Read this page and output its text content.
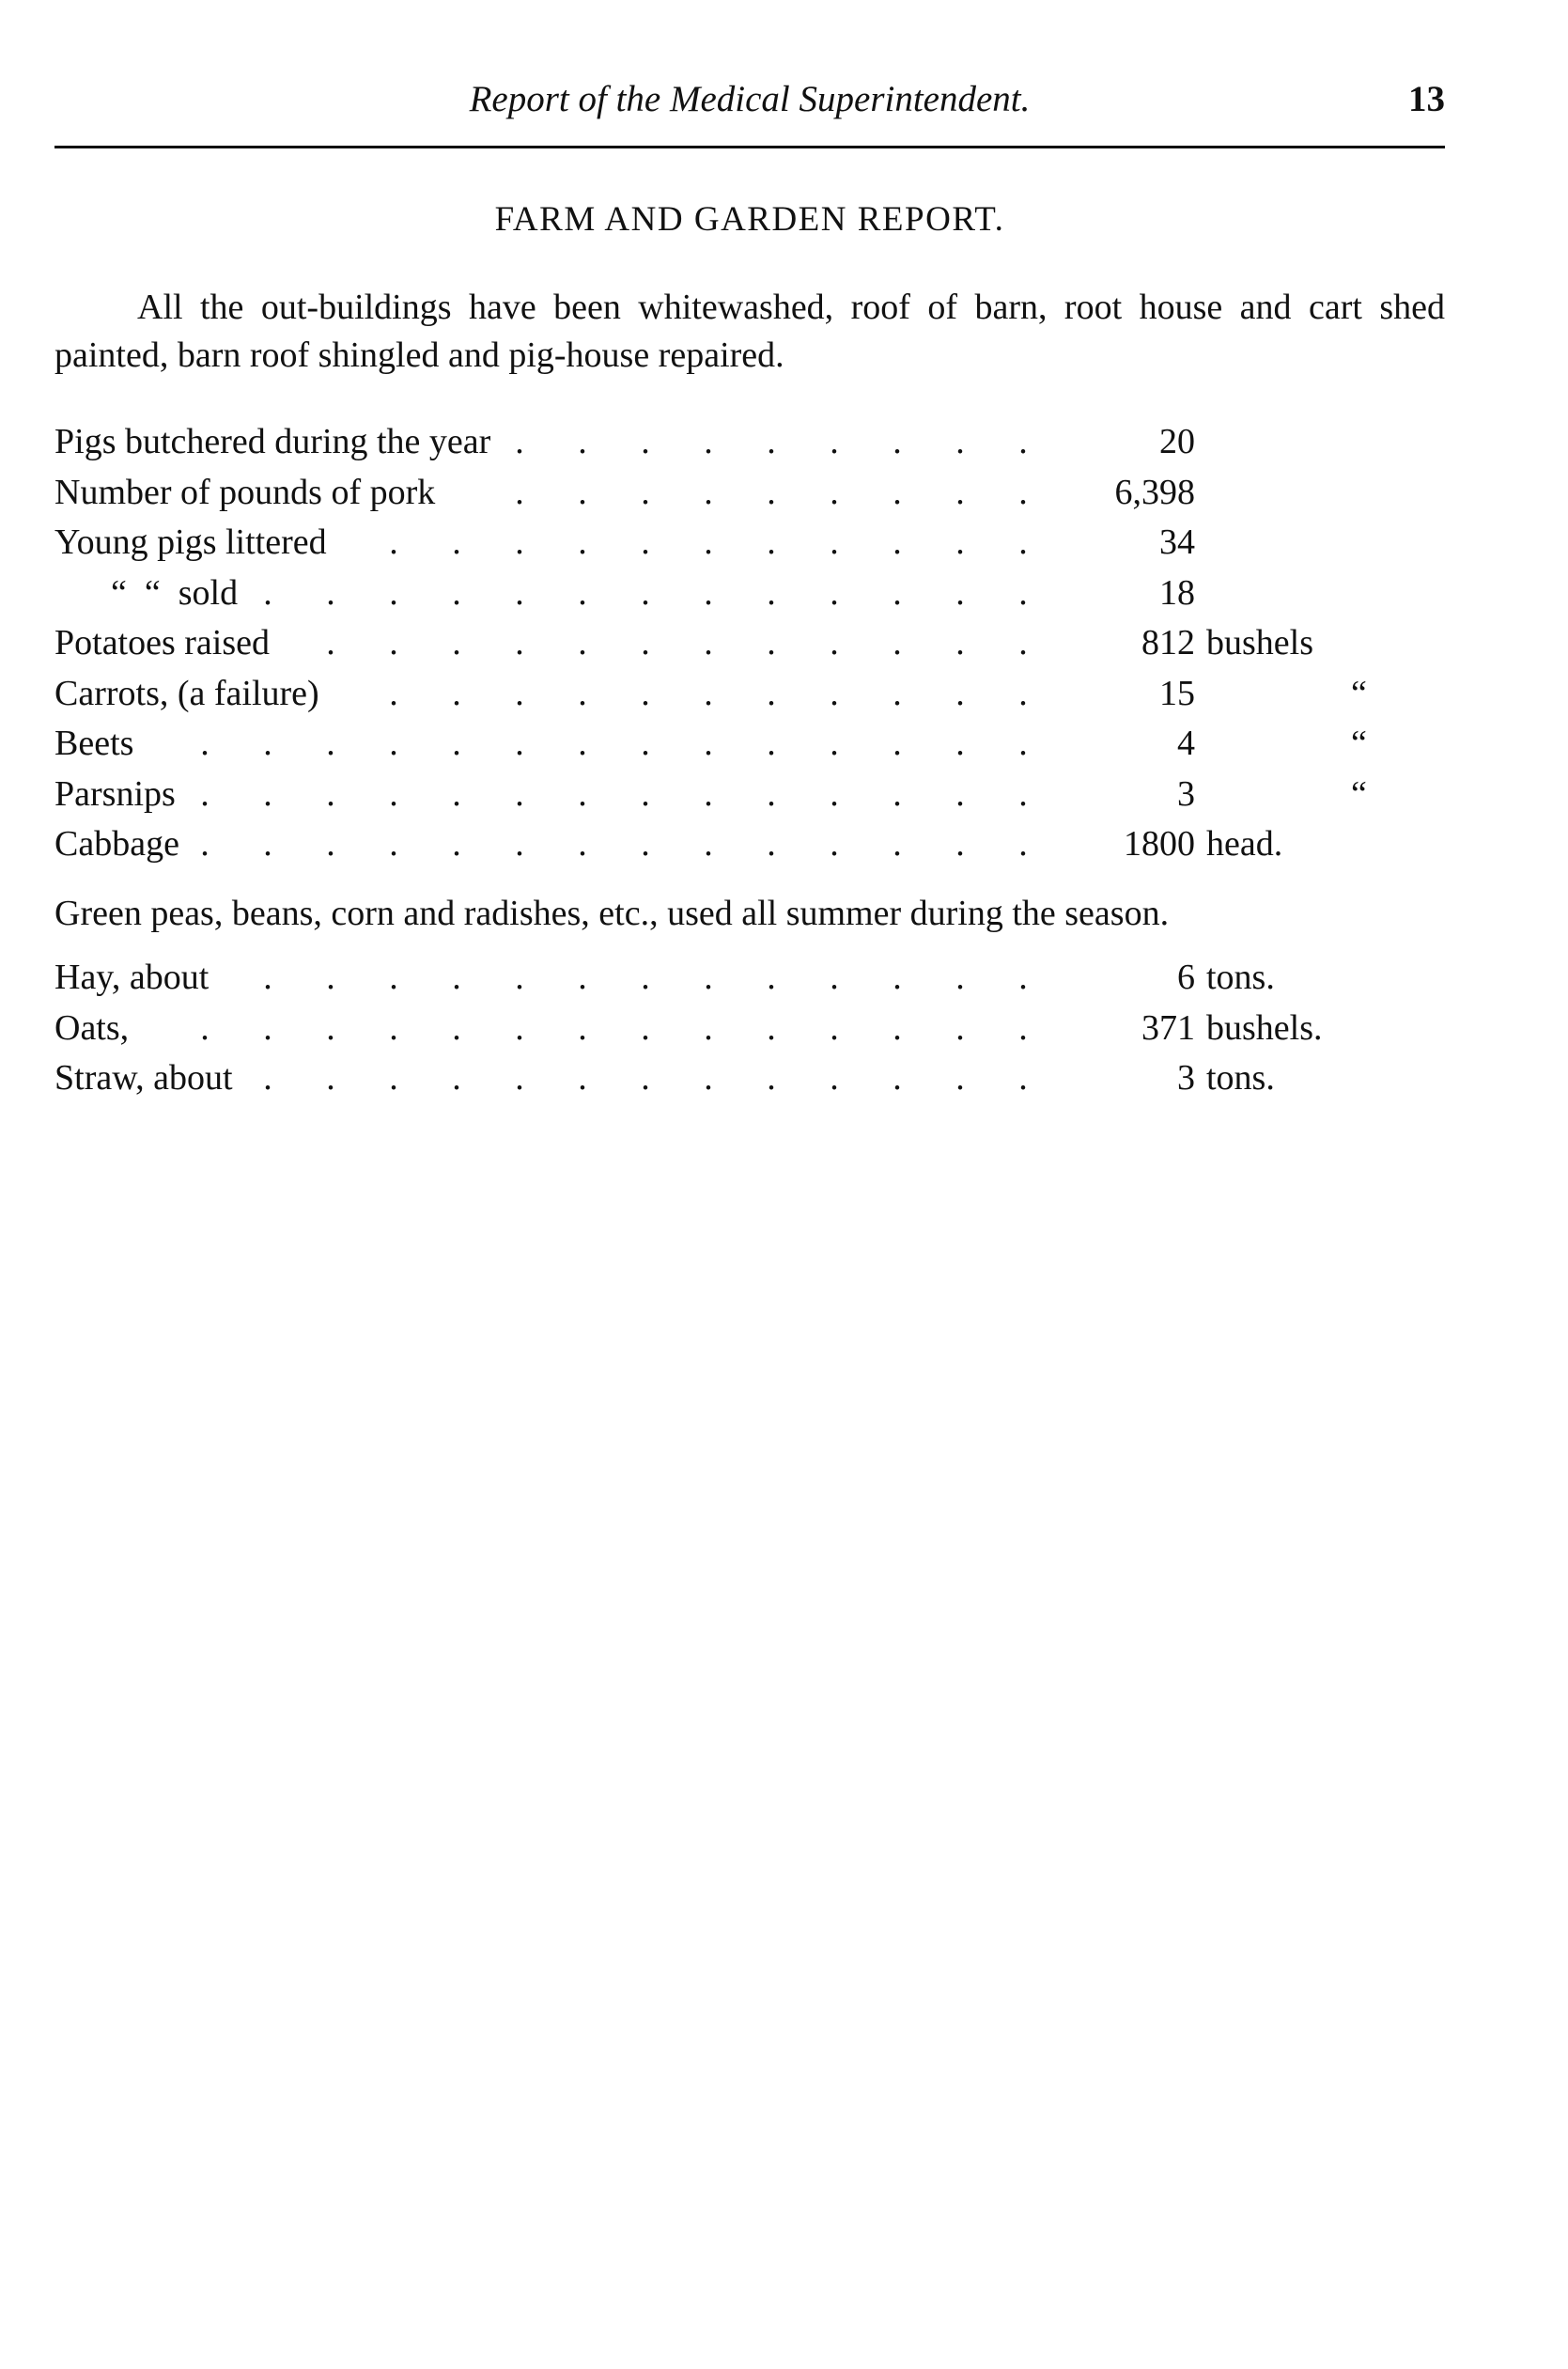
Report of the Medical Superintendent.	13
FARM AND GARDEN REPORT.

All the out-buildings have been whitewashed, roof of barn, root house and cart shed painted, barn roof shingled and pig-house repaired.

Pigs butchered during the year	20
. . . . . . . . .
Number of pounds of pork	6,398
. . . . . . . . .
Young pigs littered	34
. . . . . . . . . . .
“  “  sold	18
. . . . . . . . . . . . .
Potatoes raised	812 bushels
. . . . . . . . . . . .
Carrots, (a failure)	15	“
. . . . . . . . . . .
Beets	4	“
. . . . . . . . . . . . . .
Parsnips	3	“
. . . . . . . . . . . . . .
Cabbage	1800 head.
. . . . . . . . . . . . . .

Green peas, beans, corn and radishes, etc., used all summer during the season.

Hay, about	6 tons.
. . . . . . . . . . . . .
Oats,	371 bushels.
. . . . . . . . . . . . . .
Straw, about	3 tons.
. . . . . . . . . . . . .
